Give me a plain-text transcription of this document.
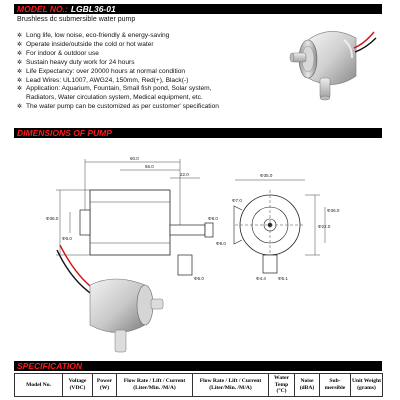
MODEL NO.: LGBL36-01
Brushless dc submersible water pump
✲ Long life, low noise, eco-friendly & energy-saving
✲ Operate inside/outside the cold or hot water
✲ For indoor & outdoor use
✲ Sustain heavy duty work for 24 hours
✲ Life Expectancy: over 20000 hours at normal condition
✲ Lead Wires: UL1007, AWG24, 150mm, Red(+), Black(-)
✲ Application: Aquarium, Fountain, Small fish pond, Solar system,
Radiators, Water circulation system, Medical equipment, etc.
✲ The water pump can be customized as per customer' specification
DIMENSIONS OF PUMP
60.0
56.0
22.0
Φ36.0
Φ6.0
Φ8.0
Φ9.0
Φ5.0
Φ35.0
Φ7.0
Φ4.4	Φ5.1
Φ22.0
Φ36.0
SPECIFICATION
Model No.	Voltage (VDC)	Power (W)	Flow Rate / Lift / Current (Liter/Min. /M/A)	Flow Rate / Lift / Current (Liter/Min. /M/A)	Water Temp (°C)	Noise (dBA)	Sub-mersible	Unit Weight (grams)
